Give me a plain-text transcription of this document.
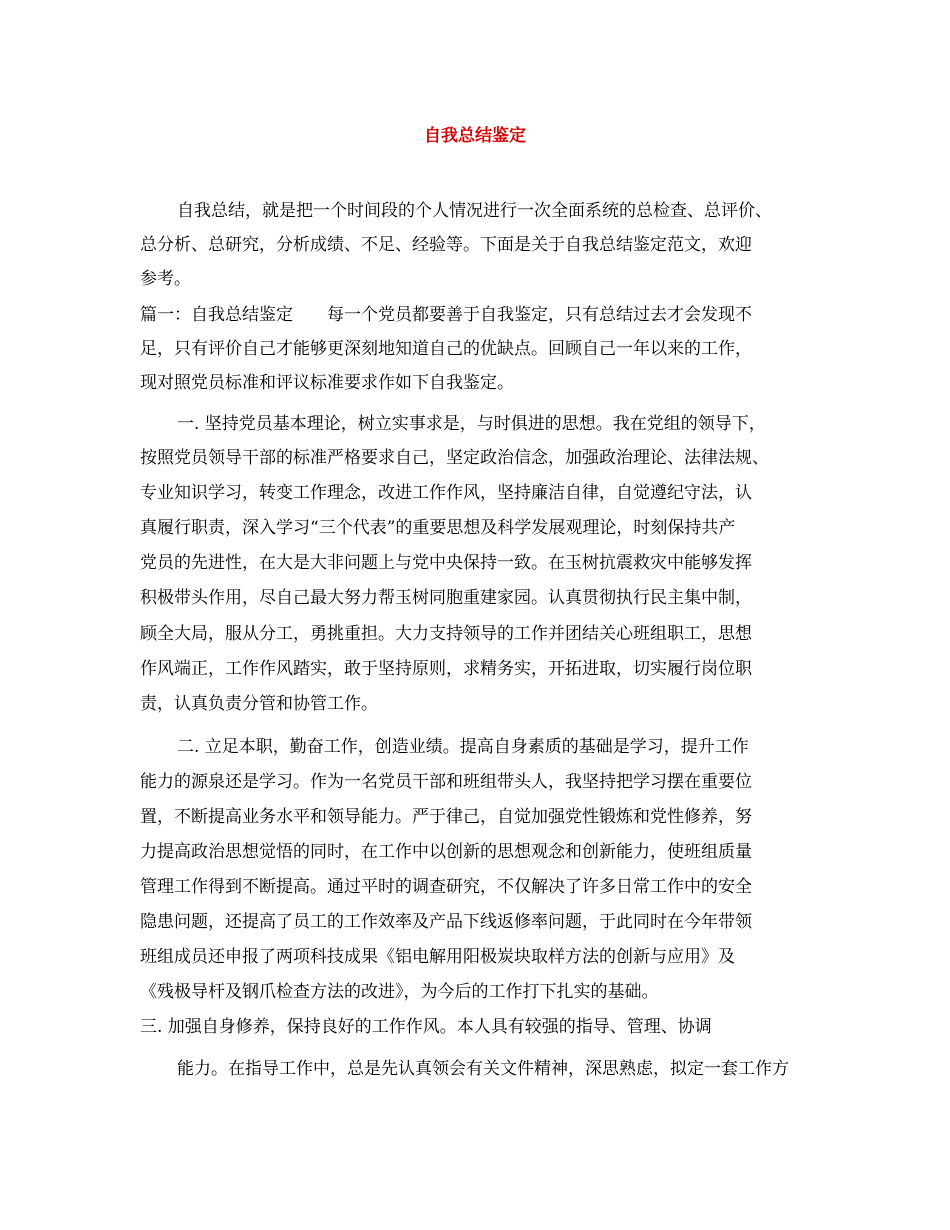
自我总结鉴定
自我总结，就是把一个时间段的个人情况进行一次全面系统的总检查、总评价、
总分析、总研究，分析成绩、不足、经验等。下面是关于自我总结鉴定范文，欢迎
参考。
篇一：自我总结鉴定　　每一个党员都要善于自我鉴定，只有总结过去才会发现不
足，只有评价自己才能够更深刻地知道自己的优缺点。回顾自己一年以来的工作，
现对照党员标准和评议标准要求作如下自我鉴定。
一. 坚持党员基本理论，树立实事求是，与时俱进的思想。我在党组的领导下，
按照党员领导干部的标准严格要求自己，坚定政治信念，加强政治理论、法律法规、
专业知识学习，转变工作理念，改进工作作风，坚持廉洁自律，自觉遵纪守法，认
真履行职责，深入学习“三个代表”的重要思想及科学发展观理论，时刻保持共产
党员的先进性，在大是大非问题上与党中央保持一致。在玉树抗震救灾中能够发挥
积极带头作用，尽自己最大努力帮玉树同胞重建家园。认真贯彻执行民主集中制，
顾全大局，服从分工，勇挑重担。大力支持领导的工作并团结关心班组职工，思想
作风端正，工作作风踏实，敢于坚持原则，求精务实，开拓进取，切实履行岗位职
责，认真负责分管和协管工作。
二. 立足本职，勤奋工作，创造业绩。提高自身素质的基础是学习，提升工作
能力的源泉还是学习。作为一名党员干部和班组带头人，我坚持把学习摆在重要位
置，不断提高业务水平和领导能力。严于律己，自觉加强党性锻炼和党性修养，努
力提高政治思想觉悟的同时，在工作中以创新的思想观念和创新能力，使班组质量
管理工作得到不断提高。通过平时的调查研究，不仅解决了许多日常工作中的安全
隐患问题，还提高了员工的工作效率及产品下线返修率问题，于此同时在今年带领
班组成员还申报了两项科技成果《铝电解用阳极炭块取样方法的创新与应用》及
《残极导杆及钢爪检查方法的改进》，为今后的工作打下扎实的基础。
三. 加强自身修养，保持良好的工作作风。本人具有较强的指导、管理、协调
能力。在指导工作中，总是先认真领会有关文件精神，深思熟虑，拟定一套工作方
